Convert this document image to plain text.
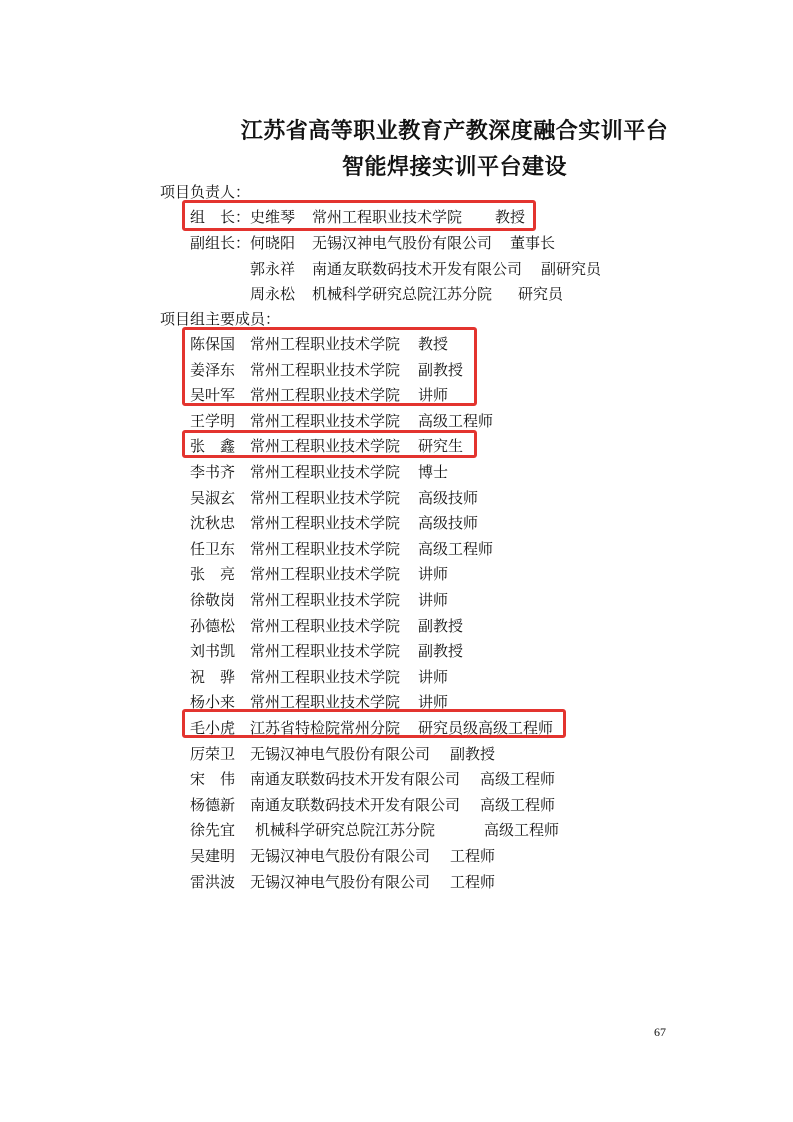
江苏省高等职业教育产教深度融合实训平台
智能焊接实训平台建设
项目负责人：
组　长： 史维琴 常州工程职业技术学院 教授
副组长： 何晓阳 无锡汉神电气股份有限公司 董事长
郭永祥 南通友联数码技术开发有限公司 副研究员
周永松 机械科学研究总院江苏分院 研究员
项目组主要成员：
陈保国 常州工程职业技术学院 教授
姜泽东 常州工程职业技术学院 副教授
吴叶军 常州工程职业技术学院 讲师
王学明 常州工程职业技术学院 高级工程师
张　鑫 常州工程职业技术学院 研究生
李书齐 常州工程职业技术学院 博士
吴淑玄 常州工程职业技术学院 高级技师
沈秋忠 常州工程职业技术学院 高级技师
任卫东 常州工程职业技术学院 高级工程师
张　亮 常州工程职业技术学院 讲师
徐敬岗 常州工程职业技术学院 讲师
孙德松 常州工程职业技术学院 副教授
刘书凯 常州工程职业技术学院 副教授
祝　骅 常州工程职业技术学院 讲师
杨小来 常州工程职业技术学院 讲师
毛小虎 江苏省特检院常州分院 研究员级高级工程师
厉荣卫 无锡汉神电气股份有限公司 副教授
宋　伟 南通友联数码技术开发有限公司 高级工程师
杨德新 南通友联数码技术开发有限公司 高级工程师
徐先宜 机械科学研究总院江苏分院	高级工程师
吴建明 无锡汉神电气股份有限公司 工程师
雷洪波 无锡汉神电气股份有限公司 工程师
67
